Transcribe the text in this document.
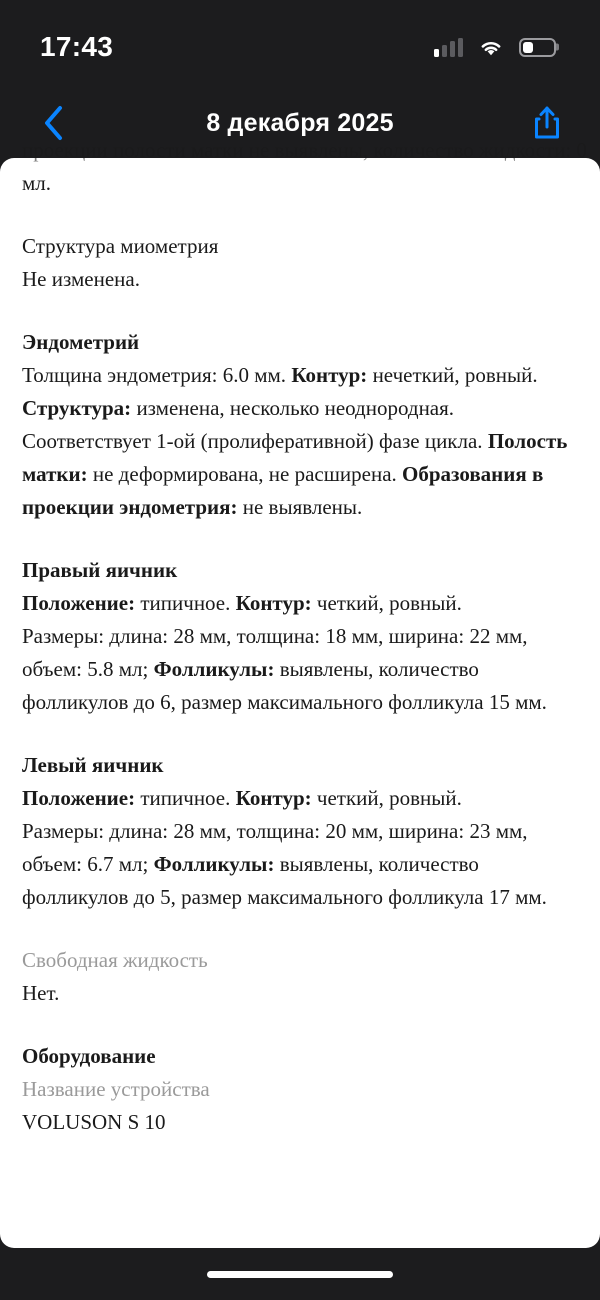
17:43
8 декабря 2025
проекции полости матки не выявлены, количество жидкости: 0

мл.

Структура миометрия

Не изменена.

Эндометрий

Толщина эндометрия: 6.0 мм. Контур: нечеткий, ровный.

Структура: изменена, несколько неоднородная.

Соответствует 1-ой (пролиферативной) фазе цикла. Полость матки: не деформирована, не расширена. Образования в проекции эндометрия: не выявлены.

Правый яичник

Положение: типичное. Контур: четкий, ровный.

Размеры: длина: 28 мм, толщина: 18 мм, ширина: 22 мм, объем: 5.8 мл; Фолликулы: выявлены, количество фолликулов до 6, размер максимального фолликула 15 мм.

Левый яичник

Положение: типичное. Контур: четкий, ровный.

Размеры: длина: 28 мм, толщина: 20 мм, ширина: 23 мм, объем: 6.7 мл; Фолликулы: выявлены, количество фолликулов до 5, размер максимального фолликула 17 мм.

Свободная жидкость

Нет.

Оборудование

Название устройства

VOLUSON S 10
